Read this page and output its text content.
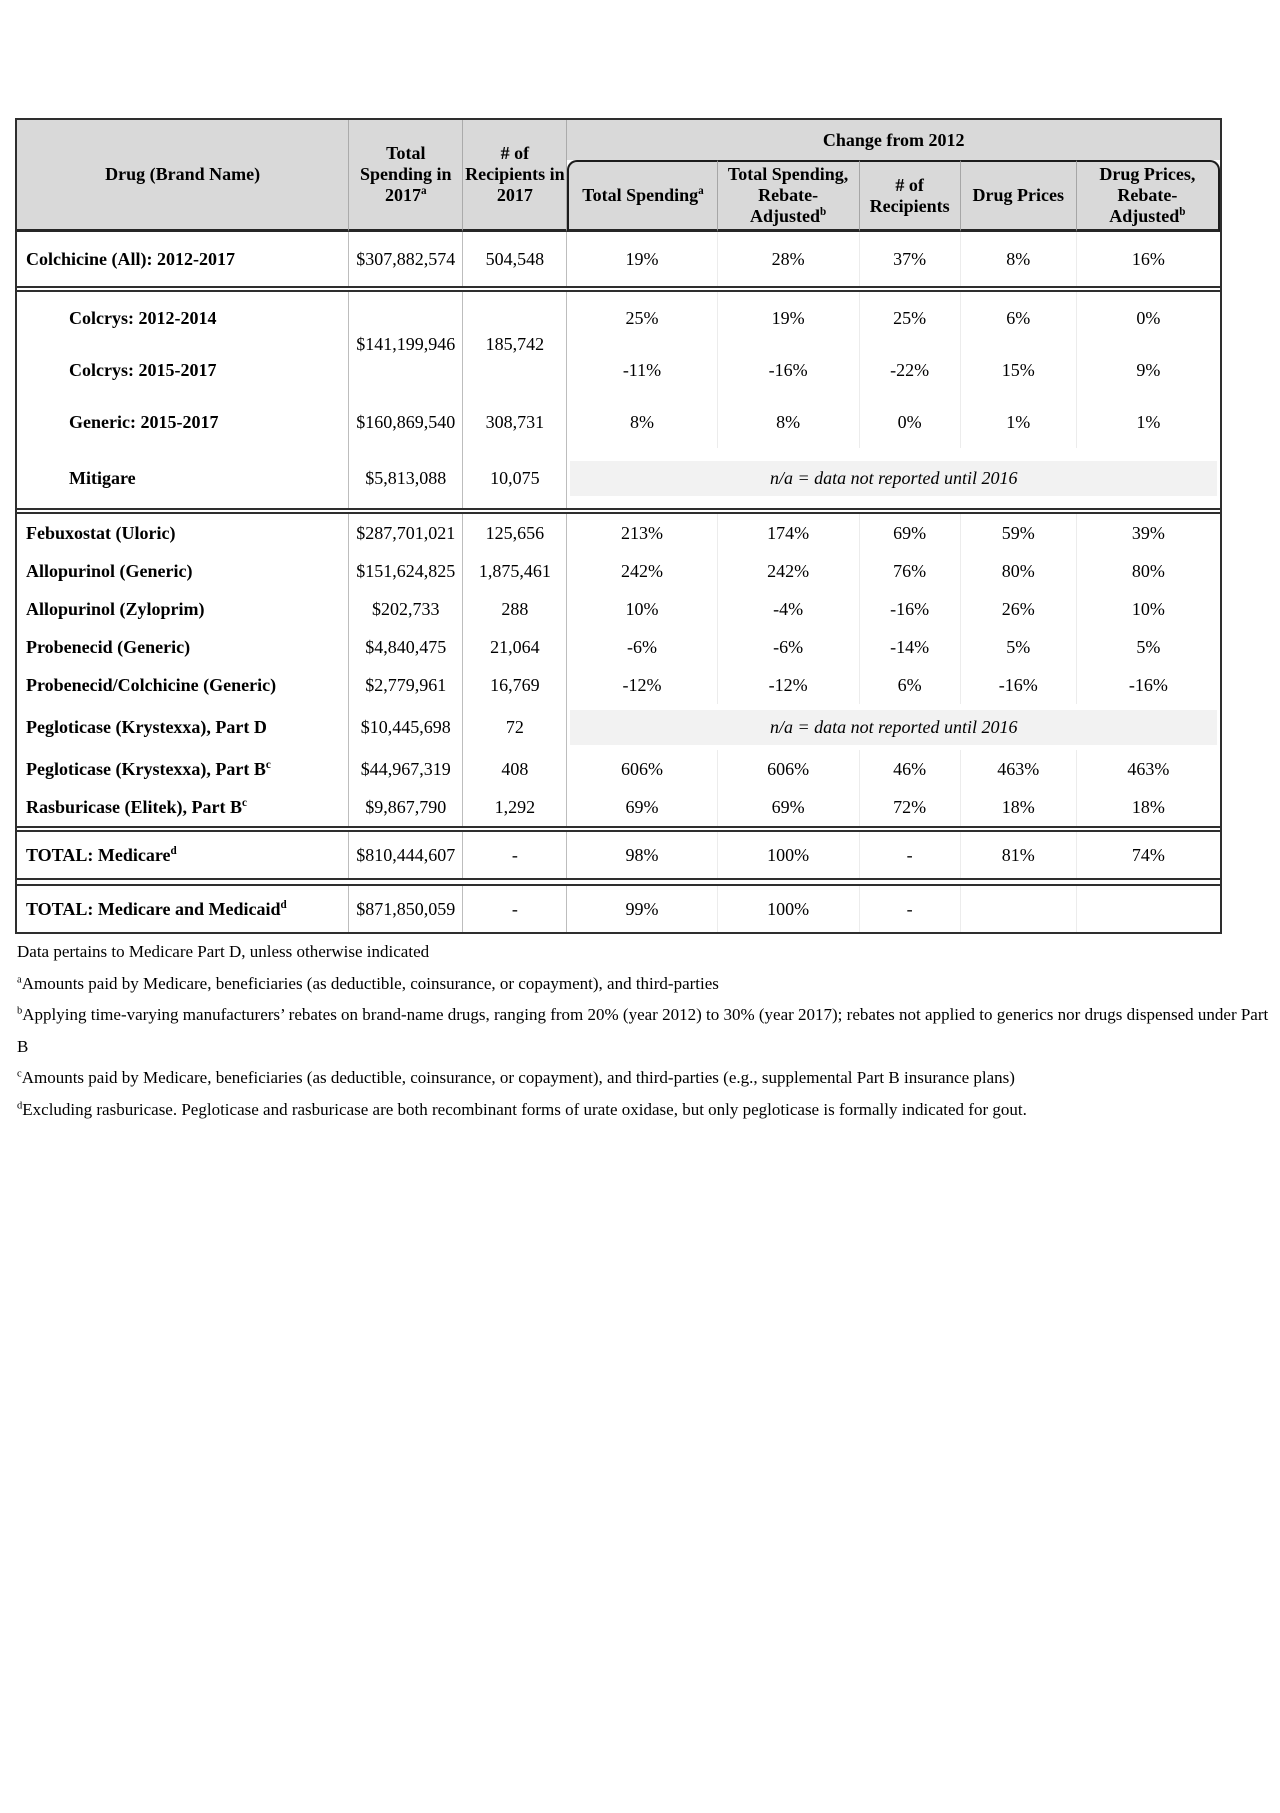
Drug (Brand Name)	Total Spending in 2017$^a$	# of Recipients in 2017	Change from 2012				
			Total Spending$^a$	Total Spending, Rebate-Adjusted$^b$	# of Recipients	Drug Prices	Drug Prices, Rebate-Adjusted$^b$
Colchicine (All): 2012-2017	$307,882,574	504,548	19%	28%	37%	8%	16%

Colcrys: 2012-2014	$141,199,946	185,742	25%	19%	25%	6%	0%
Colcrys: 2015-2017			-11%	-16%	-22%	15%	9%
Generic: 2015-2017	$160,869,540	308,731	8%	8%	0%	1%	1%
Mitigare	$5,813,088	10,075	n/a = data not reported until 2016				

Febuxostat (Uloric)	$287,701,021	125,656	213%	174%	69%	59%	39%
Allopurinol (Generic)	$151,624,825	1,875,461	242%	242%	76%	80%	80%
Allopurinol (Zyloprim)	$202,733	288	10%	-4%	-16%	26%	10%
Probenecid (Generic)	$4,840,475	21,064	-6%	-6%	-14%	5%	5%
Probenecid/Colchicine (Generic)	$2,779,961	16,769	-12%	-12%	6%	-16%	-16%
Pegloticase (Krystexxa), Part D	$10,445,698	72	n/a = data not reported until 2016				

Pegloticase (Krystexxa), Part $B^c$	$44,967,319	408	606%	606%	46%	463%	463%
Rasburicase (Elitek), Part $B^c$	$9,867,790	1,292	69%	69%	72%	18%	18%

TOTAL: Medicare$^d$	$810,444,607	-	98%	100%	-	81%	74%

TOTAL: Medicare and Medicaid$^d$	$871,850,059	-	99%	100%	-		
Data pertains to Medicare Part D, unless otherwise indicated
$^a$Amounts paid by Medicare, beneficiaries (as deductible, coinsurance, or copayment), and third-parties
$^b$Applying time-varying manufacturers’ rebates on brand-name drugs, ranging from 20% (year 2012) to 30% (year 2017); rebates not applied to generics nor drugs dispensed under Part B
$^c$Amounts paid by Medicare, beneficiaries (as deductible, coinsurance, or copayment), and third-parties (e.g., supplemental Part B insurance plans)
$^d$Excluding rasburicase. Pegloticase and rasburicase are both recombinant forms of urate oxidase, but only pegloticase is formally indicated for gout.
